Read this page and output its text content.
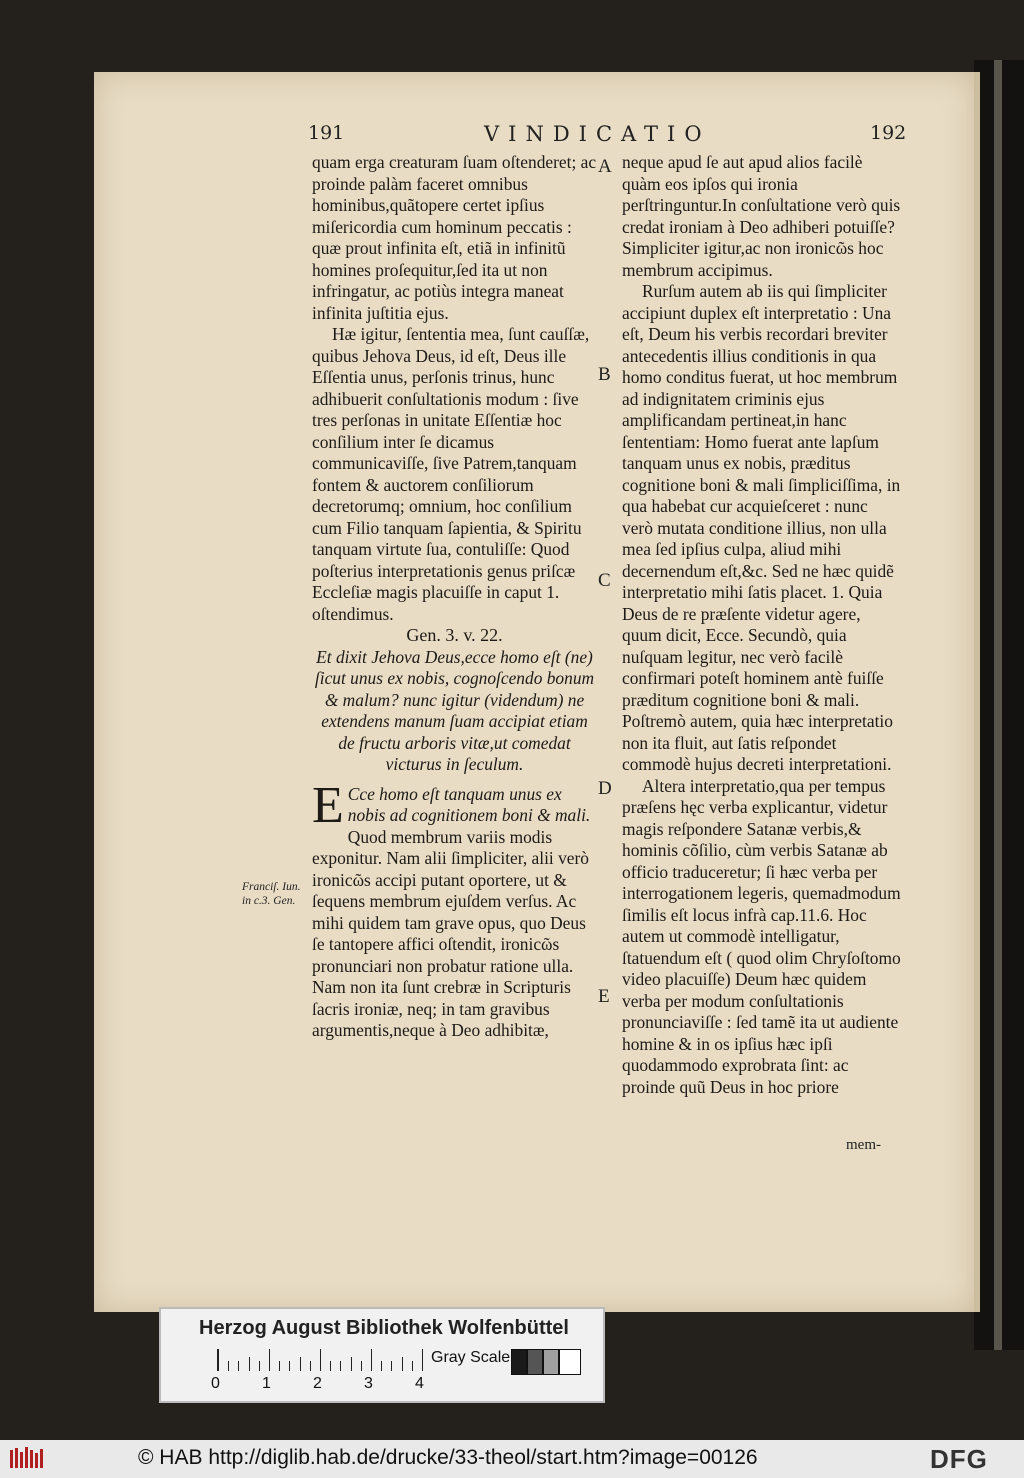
191	VINDICATIO	192

quam erga creaturam ſuam oſtenderet; ac proinde palàm faceret omnibus hominibus,quãtopere certet ipſius miſericordia cum hominum peccatis : quæ prout infinita eſt, etiã in infinitũ homines proſequitur,ſed ita ut non infringatur, ac potiùs integra maneat infinita juſtitia ejus.

Hæ igitur, ſententia mea, ſunt cauſſæ, quibus Jehova Deus, id eſt, Deus ille Eſſentia unus, perſonis trinus, hunc adhibuerit conſultationis modum : ſive tres perſonas in unitate Eſſentiæ hoc conſilium inter ſe dicamus communicaviſſe, ſive Patrem,tanquam fontem & auctorem conſiliorum decretorumq; omnium, hoc conſilium cum Filio tanquam ſapientia, & Spiritu tanquam virtute ſua, contuliſſe: Quod poſterius interpretationis genus priſcæ Eccleſiæ magis placuiſſe in caput 1. oſtendimus.

Gen. 3. v. 22.

Et dixit Jehova Deus,ecce homo eſt (ne) ſicut unus ex nobis, cognoſcendo bonum & malum? nunc igitur (videndum) ne extendens manum ſuam accipiat etiam de fructu arboris vitæ,ut comedat victurus in ſeculum.

E Cce homo eſt tanquam unus ex nobis ad cognitionem boni & mali. Quod membrum variis modis exponitur. Nam alii ſimpliciter, alii verò ironicῶs accipi putant oportere, ut & ſequens membrum ejuſdem verſus. Ac mihi quidem tam grave opus, quo Deus ſe tantopere affici oſtendit, ironicῶs pronunciari non probatur ratione ulla. Nam non ita ſunt crebræ in Scripturis ſacris ironiæ, neq; in tam gravibus argumentis,neque à Deo adhibitæ,

Franciſ. Iun. in c.3. Gen.
A
B
C
D
E

neque apud ſe aut apud alios facilè quàm eos ipſos qui ironia perſtringuntur.In conſultatione verò quis credat ironiam à Deo adhiberi potuiſſe? Simpliciter igitur,ac non ironicῶs hoc membrum accipimus.

Rurſum autem ab iis qui ſimpliciter accipiunt duplex eſt interpretatio : Una eſt, Deum his verbis recordari breviter antecedentis illius conditionis in qua homo conditus fuerat, ut hoc membrum ad indignitatem criminis ejus amplificandam pertineat,in hanc ſententiam: Homo fuerat ante lapſum tanquam unus ex nobis, præditus cognitione boni & mali ſimpliciſſima, in qua habebat cur acquieſceret : nunc verò mutata conditione illius, non ulla mea ſed ipſius culpa, aliud mihi decernendum eſt,&c. Sed ne hæc quidẽ interpretatio mihi ſatis placet. 1. Quia Deus de re præſente videtur agere, quum dicit, Ecce. Secundò, quia nuſquam legitur, nec verò facilè confirmari poteſt hominem antè fuiſſe præditum cognitione boni & mali. Poſtremò autem, quia hæc interpretatio non ita fluit, aut ſatis reſpondet commodè hujus decreti interpretationi.

Altera interpretatio,qua per tempus præſens hęc verba explicantur, videtur magis reſpondere Satanæ verbis,& hominis cõſilio, cùm verbis Satanæ ab officio traduceretur; ſi hæc verba per interrogationem legeris, quemadmodum ſimilis eſt locus infrà cap.11.6. Hoc autem ut commodè intelligatur, ſtatuendum eſt ( quod olim Chryſoſtomo video placuiſſe) Deum hæc quidem verba per modum conſultationis pronunciaviſſe : ſed tamẽ ita ut audiente homine & in os ipſius hæc ipſi quodammodo exprobrata ſint: ac proinde quũ Deus in hoc priore

mem-
Herzog August Bibliothek Wolfenbüttel
0	1	2	3	4
Gray Scale
© HAB http://diglib.hab.de/drucke/33-theol/start.htm?image=00126	DFG
